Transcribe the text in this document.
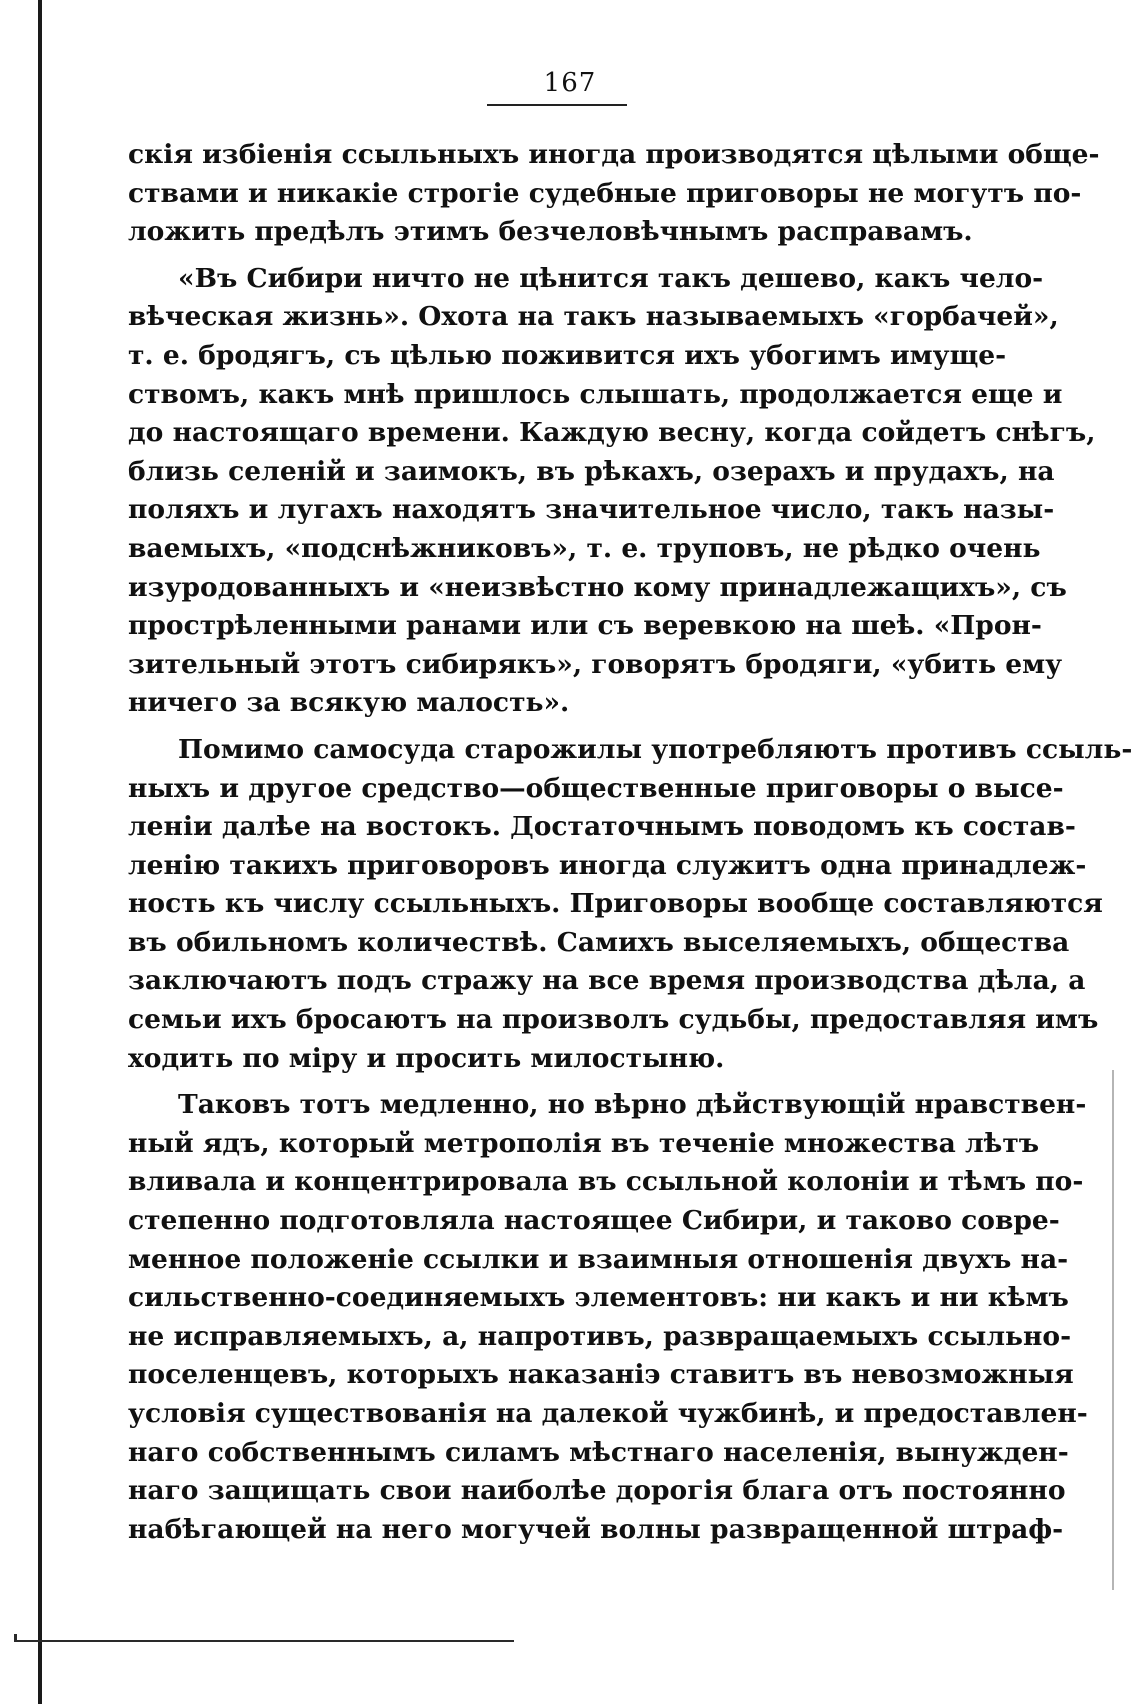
167
скія избіенія ссыльныхъ иногда производятся цѣлыми обще-
ствами и никакіе строгіе судебные приговоры не могутъ по-
ложить предѣлъ этимъ безчеловѣчнымъ расправамъ.
«Въ Сибири ничто не цѣнится такъ дешево, какъ чело-
вѣческая жизнь». Охота на такъ называемыхъ «горбачей»,
т. е. бродягъ, съ цѣлью поживится ихъ убогимъ имуще-
ствомъ, какъ мнѣ пришлось слышать, продолжается еще и
до настоящаго времени. Каждую весну, когда сойдетъ снѣгъ,
близь селеній и заимокъ, въ рѣкахъ, озерахъ и прудахъ, на
поляхъ и лугахъ находятъ значительное число, такъ назы-
ваемыхъ, «подснѣжниковъ», т. е. труповъ, не рѣдко очень
изуродованныхъ и «неизвѣстно кому принадлежащихъ», съ
прострѣленными ранами или съ веревкою на шеѣ. «Прон-
зительный этотъ сибирякъ», говорятъ бродяги, «убить ему
ничего за всякую малость».
Помимо самосуда старожилы употребляютъ противъ ссыль-
ныхъ и другое средство—общественные приговоры о высе-
леніи далѣе на востокъ. Достаточнымъ поводомъ къ состав-
ленію такихъ приговоровъ иногда служитъ одна принадлеж-
ность къ числу ссыльныхъ. Приговоры вообще составляются
въ обильномъ количествѣ. Самихъ выселяемыхъ, общества
заключаютъ подъ стражу на все время производства дѣла, а
семьи ихъ бросаютъ на произволъ судьбы, предоставляя имъ
ходить по міру и просить милостыню.
Таковъ тотъ медленно, но вѣрно дѣйствующій нравствен-
ный ядъ, который метрополія въ теченіе множества лѣтъ
вливала и концентрировала въ ссыльной колоніи и тѣмъ по-
степенно подготовляла настоящее Сибири, и таково совре-
менное положеніе ссылки и взаимныя отношенія двухъ на-
сильственно-соединяемыхъ элементовъ: ни какъ и ни кѣмъ
не исправляемыхъ, а, напротивъ, развращаемыхъ ссыльно-
поселенцевъ, которыхъ наказаніэ ставитъ въ невозможныя
условія существованія на далекой чужбинѣ, и предоставлен-
наго собственнымъ силамъ мѣстнаго населенія, вынужден-
наго защищать свои наиболѣе дорогія блага отъ постоянно
набѣгающей на него могучей волны развращенной штраф-
